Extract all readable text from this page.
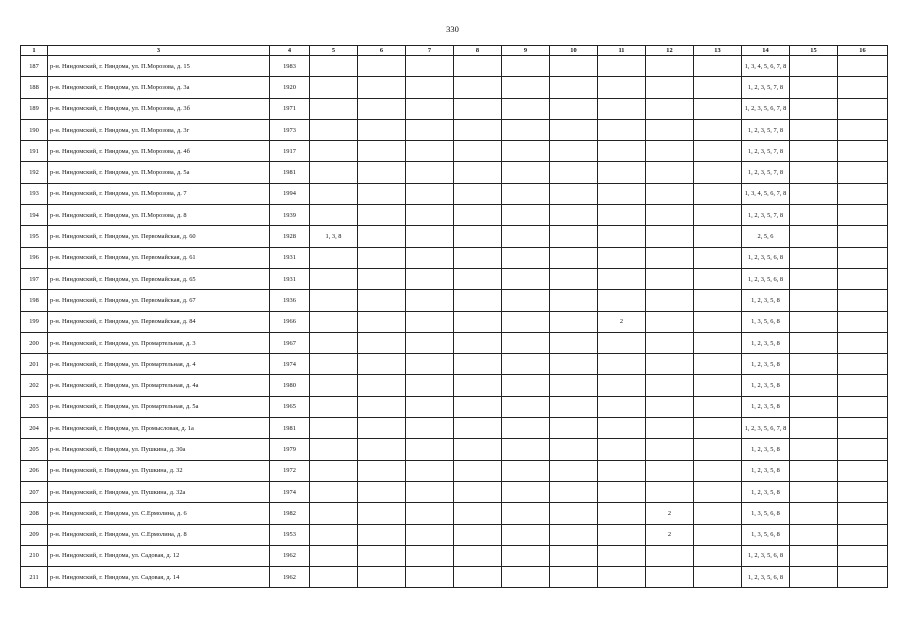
330
1	3	4	5	6	7	8	9	10	11	12	13	14	15	16
187	р-н. Няндомский, г. Няндома, ул. П.Морозова, д. 15	1983										1, 3, 4, 5, 6, 7, 8		
188	р-н. Няндомский, г. Няндома, ул. П.Морозова, д. 3а	1920										1, 2, 3, 5, 7, 8		
189	р-н. Няндомский, г. Няндома, ул. П.Морозова, д. 3б	1971										1, 2, 3, 5, 6, 7, 8		
190	р-н. Няндомский, г. Няндома, ул. П.Морозова, д. 3г	1973										1, 2, 3, 5, 7, 8		
191	р-н. Няндомский, г. Няндома, ул. П.Морозова, д. 4б	1917										1, 2, 3, 5, 7, 8		
192	р-н. Няндомский, г. Няндома, ул. П.Морозова, д. 5а	1981										1, 2, 3, 5, 7, 8		
193	р-н. Няндомский, г. Няндома, ул. П.Морозова, д. 7	1994										1, 3, 4, 5, 6, 7, 8		
194	р-н. Няндомский, г. Няндома, ул. П.Морозова, д. 8	1939										1, 2, 3, 5, 7, 8		
195	р-н. Няндомский, г. Няндома, ул. Первомайская, д. 60	1928	1, 3, 8									2, 5, 6		
196	р-н. Няндомский, г. Няндома, ул. Первомайская, д. 61	1931										1, 2, 3, 5, 6, 8		
197	р-н. Няндомский, г. Няндома, ул. Первомайская, д. 65	1931										1, 2, 3, 5, 6, 8		
198	р-н. Няндомский, г. Няндома, ул. Первомайская, д. 67	1936										1, 2, 3, 5, 8		
199	р-н. Няндомский, г. Няндома, ул. Первомайская, д. 84	1966							2			1, 3, 5, 6, 8		
200	р-н. Няндомский, г. Няндома, ул. Промартельная, д. 3	1967										1, 2, 3, 5, 8		
201	р-н. Няндомский, г. Няндома, ул. Промартельная, д. 4	1974										1, 2, 3, 5, 8		
202	р-н. Няндомский, г. Няндома, ул. Промартельная, д. 4а	1980										1, 2, 3, 5, 8		
203	р-н. Няндомский, г. Няндома, ул. Промартельная, д. 5а	1965										1, 2, 3, 5, 8		
204	р-н. Няндомский, г. Няндома, ул. Промысловая, д. 1а	1981										1, 2, 3, 5, 6, 7, 8		
205	р-н. Няндомский, г. Няндома, ул. Пушкина, д. 30а	1979										1, 2, 3, 5, 8		
206	р-н. Няндомский, г. Няндома, ул. Пушкина, д. 32	1972										1, 2, 3, 5, 8		
207	р-н. Няндомский, г. Няндома, ул. Пушкина, д. 32а	1974										1, 2, 3, 5, 8		
208	р-н. Няндомский, г. Няндома, ул. С.Ермолина, д. 6	1982								2		1, 3, 5, 6, 8		
209	р-н. Няндомский, г. Няндома, ул. С.Ермолина, д. 8	1953								2		1, 3, 5, 6, 8		
210	р-н. Няндомский, г. Няндома, ул. Садовая, д. 12	1962										1, 2, 3, 5, 6, 8		
211	р-н. Няндомский, г. Няндома, ул. Садовая, д. 14	1962										1, 2, 3, 5, 6, 8		
